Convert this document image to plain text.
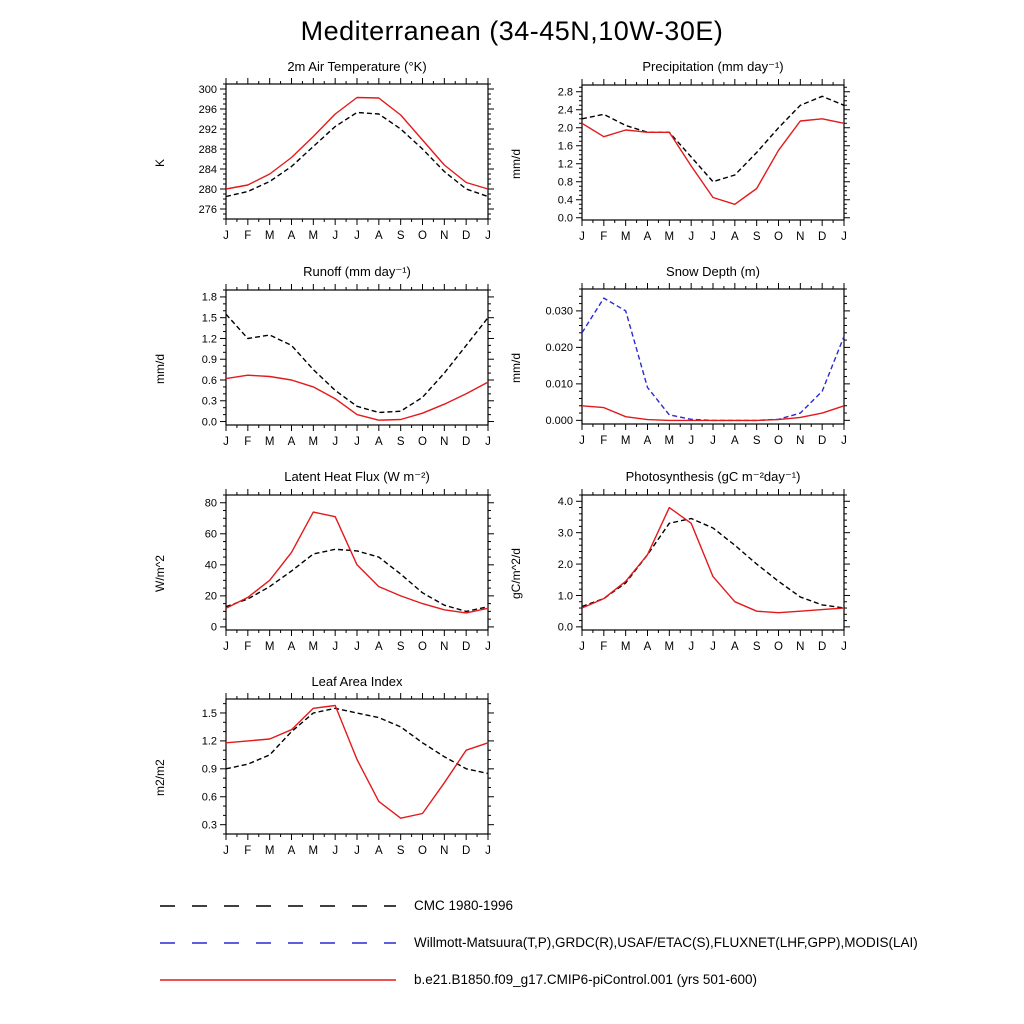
Mediterranean (34-45N,10W-30E)
2m Air Temperature (°K)
K
276
280
284
288
292
296
300
J F M A M J J A S O N D J
Precipitation (mm day⁻¹)
mm/d
0.0
0.4
0.8
1.2
1.6
2.0
2.4
2.8
J F M A M J J A S O N D J
Runoff (mm day⁻¹)
mm/d
0.0
0.3
0.6
0.9
1.2
1.5
1.8
J F M A M J J A S O N D J
Snow Depth (m)
mm/d
0.000
0.010
0.020
0.030
J F M A M J J A S O N D J
Latent Heat Flux (W m⁻²)
W/m^2
0
20
40
60
80
J F M A M J J A S O N D J
Photosynthesis (gC m⁻²day⁻¹)
gC/m^2/d
0.0
1.0
2.0
3.0
4.0
J F M A M J J A S O N D J
Leaf Area Index
m2/m2
0.3
0.6
0.9
1.2
1.5
J F M A M J J A S O N D J
CMC 1980-1996
Willmott-Matsuura(T,P),GRDC(R),USAF/ETAC(S),FLUXNET(LHF,GPP),MODIS(LAI)
b.e21.B1850.f09_g17.CMIP6-piControl.001 (yrs 501-600)
